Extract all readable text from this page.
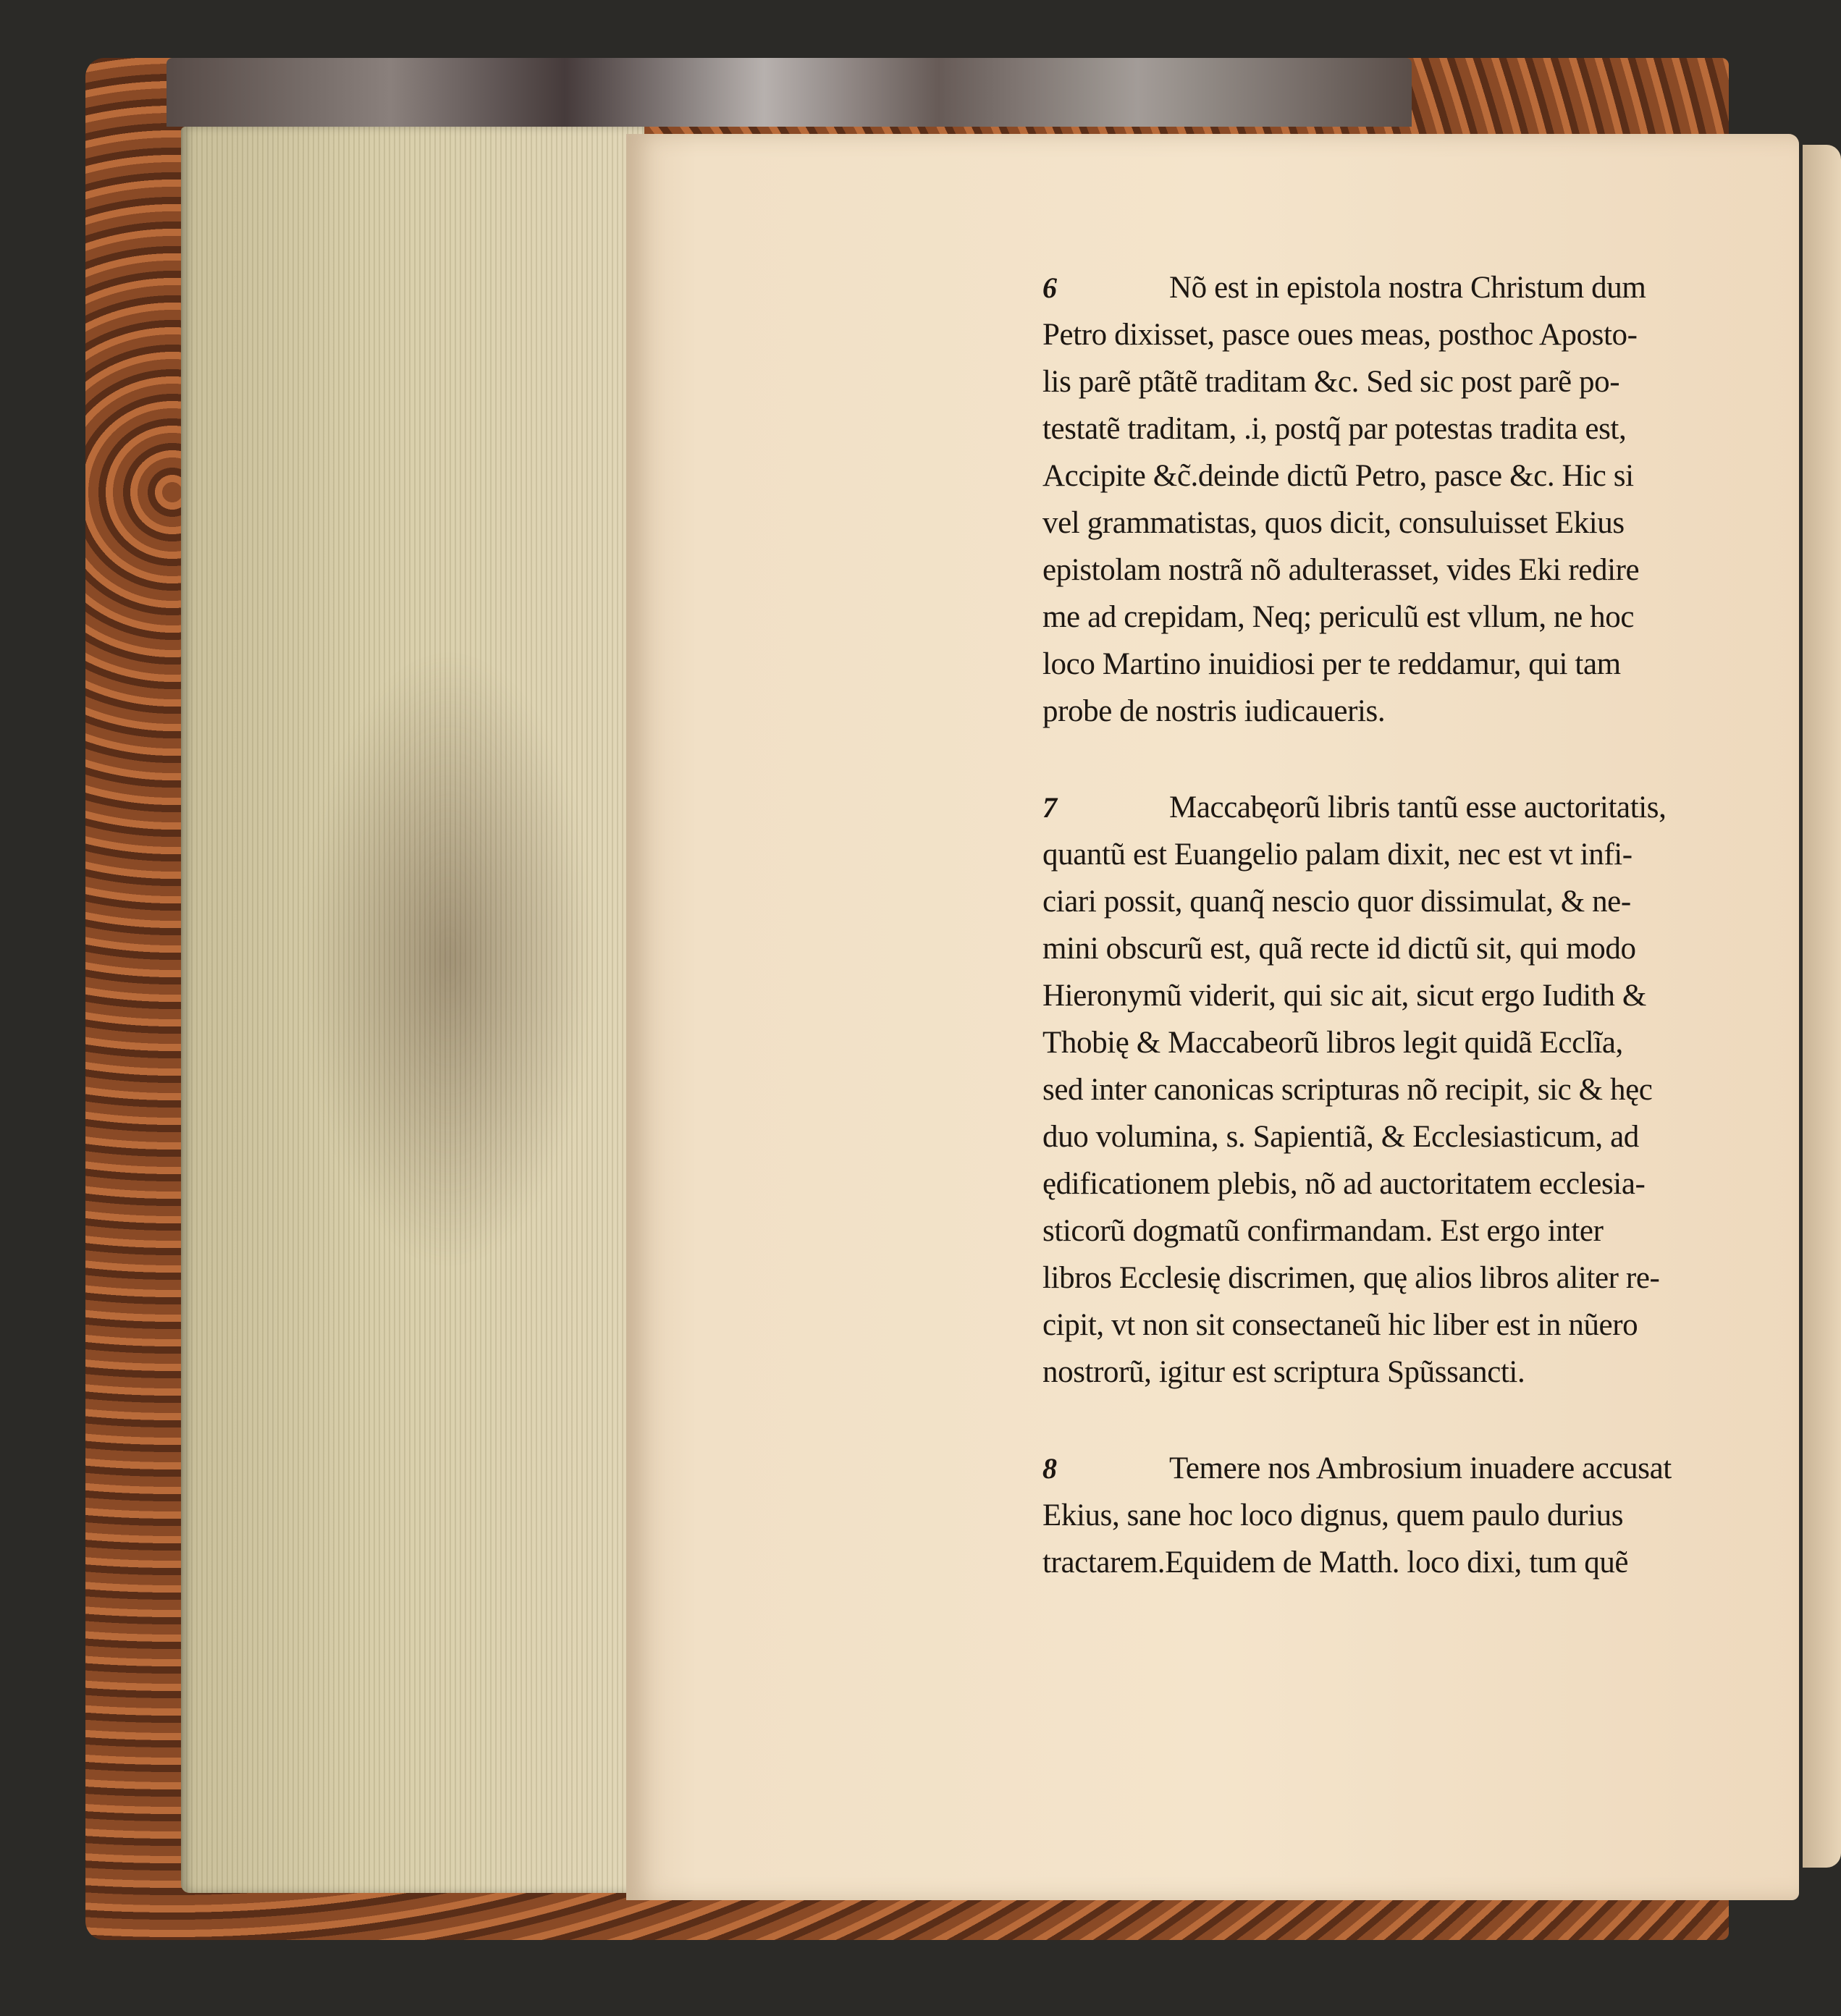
6	Nõ est in epistola nostra Christum dum
Petro dixisset, pasce oues meas, posthoc Aposto-
lis parẽ ptãtẽ traditam &c. Sed sic post parẽ po-
testatẽ traditam, .i, postq̃ par potestas tradita est,
Accipite &c̃.deinde dictũ Petro, pasce &c. Hic si
vel grammatistas, quos dicit, consuluisset Ekius
epistolam nostrã nõ adulterasset, vides Eki redire
me ad crepidam, Neq; periculũ est vllum, ne hoc
loco Martino inuidiosi per te reddamur, qui tam
probe de nostris iudicaueris.
7	Maccabęorũ libris tantũ esse auctoritatis,
quantũ est Euangelio palam dixit, nec est vt infi-
ciari possit, quanq̃ nescio quor dissimulat, & ne-
mini obscurũ est, quã recte id dictũ sit, qui modo
Hieronymũ viderit, qui sic ait, sicut ergo Iudith &
Thobię & Maccabeorũ libros legit quidã Ecclĩa,
sed inter canonicas scripturas nõ recipit, sic & hęc
duo volumina, s. Sapientiã, & Ecclesiasticum, ad
ędificationem plebis, nõ ad auctoritatem ecclesia-
sticorũ dogmatũ confirmandam. Est ergo inter
libros Ecclesię discrimen, quę alios libros aliter re-
cipit, vt non sit consectaneũ hic liber est in nũero
nostrorũ, igitur est scriptura Spũssancti.
8	Temere nos Ambrosium inuadere accusat
Ekius, sane hoc loco dignus, quem paulo durius
tractarem.Equidem de Matth. loco dixi, tum quẽ
